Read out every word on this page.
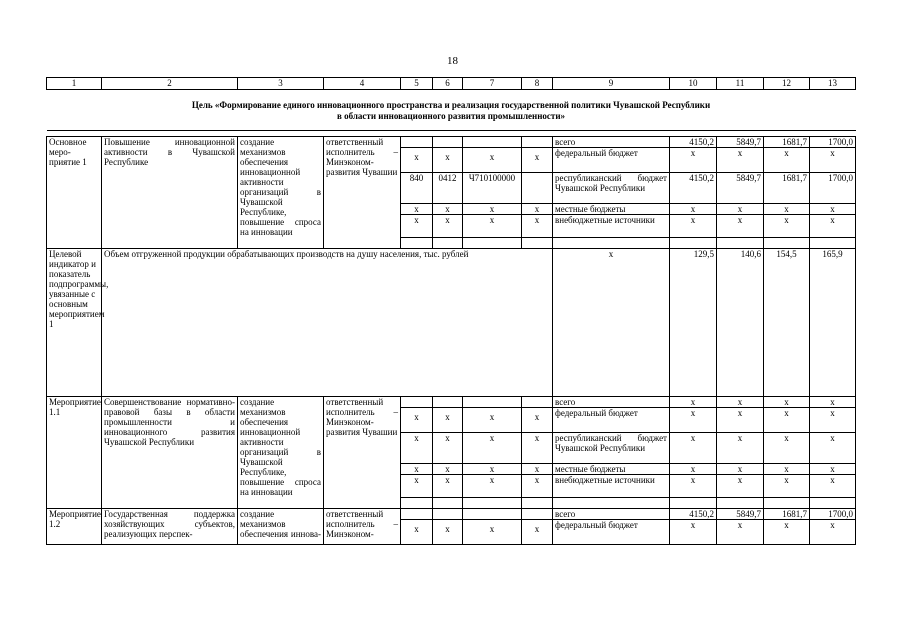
18
1	2	3	4	5	6	7	8	9	10	11	12	13
Цель «Формирование единого инновационного пространства и реализация государственной политики Чувашской Республики
в области инновационного развития промышленности»												

Основное меро-приятие 1	Повышение инновационной активности в Чувашской Республике	создание механизмов обеспечения инновационной активности организаций в Чувашской Республике, повышение спроса на инновации	ответственный исполнитель – Минэконом-развития Чувашии					всего	4150,2	5849,7	1681,7	1700,0
				х	х	х	х	федеральный бюджет	х	х	х	х
				840	0412	Ч710100000		республиканский бюджет Чувашской Республики	4150,2	5849,7	1681,7	1700,0
				х	х	х	х	местные бюджеты	х	х	х	х
				х	х	х	х	внебюджетные источники	х	х	х	х

Целевой индикатор и показатель подпрограммы, увязанные с основным мероприятием 1	Объем отгруженной продукции обрабатывающих производств на душу населения, тыс. рублей							х	129,5	140,6	154,5	165,9
Мероприятие 1.1	Совершенствование нормативно-правовой базы в области промышленности и инновационного развития Чувашской Республики	создание механизмов обеспечения инновационной активности организаций в Чувашской Республике, повышение спроса на инновации	ответственный исполнитель – Минэконом-развития Чувашии					всего	х	х	х	х
				х	х	х	х	федеральный бюджет	х	х	х	х
				х	х	х	х	республиканский бюджет Чувашской Республики	х	х	х	х
				х	х	х	х	местные бюджеты	х	х	х	х
				х	х	х	х	внебюджетные источники	х	х	х	х

Мероприятие 1.2	Государственная поддержка хозяйствующих субъектов, реализующих перспек-	создание механизмов обеспечения иннова-	ответственный исполнитель – Минэконом-					всего	4150,2	5849,7	1681,7	1700,0
				х	х	х	х	федеральный бюджет	х	х	х	х
